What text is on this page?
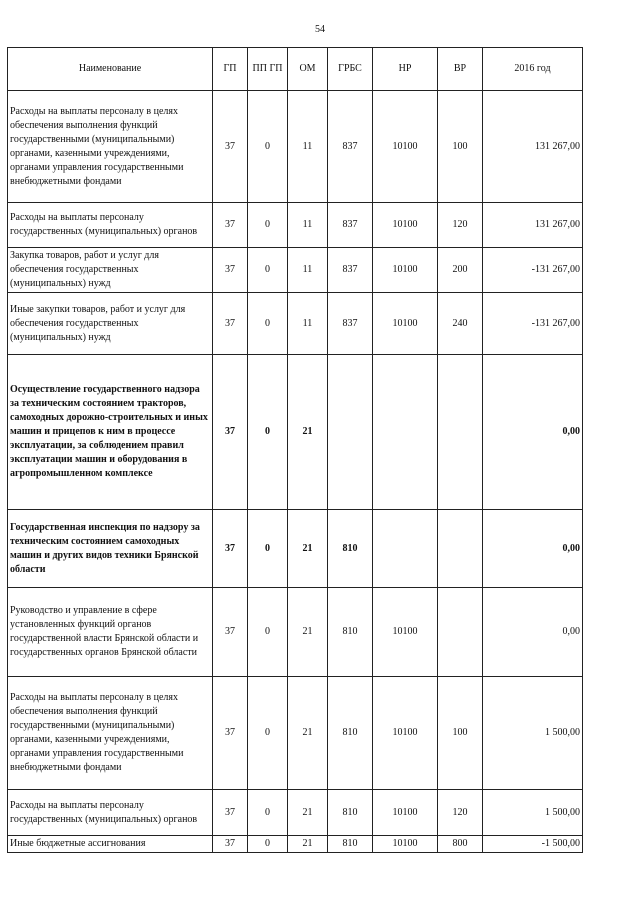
54
Наименование	ГП	ПП ГП	ОМ	ГРБС	НР	ВР	2016 год
Расходы на выплаты персоналу в целях обеспечения выполнения функций государственными (муниципальными) органами, казенными учреждениями, органами управления государственными внебюджетными фондами	37	0	11	837	10100	100	131 267,00
Расходы на выплаты персоналу государственных (муниципальных) органов	37	0	11	837	10100	120	131 267,00
Закупка товаров, работ и услуг для обеспечения государственных (муниципальных) нужд	37	0	11	837	10100	200	-131 267,00
Иные закупки товаров, работ и услуг для обеспечения государственных (муниципальных) нужд	37	0	11	837	10100	240	-131 267,00
Осуществление государственного надзора за техническим состоянием тракторов, самоходных дорожно-строительных и иных машин и прицепов к ним в процессе эксплуатации, за соблюдением правил эксплуатации машин и оборудования в агропромышленном комплексе	37	0	21				0,00
Государственная инспекция по надзору за техническим состоянием самоходных машин и других видов техники Брянской области	37	0	21	810			0,00
Руководство и управление в сфере установленных функций органов государственной власти Брянской области и государственных органов Брянской области	37	0	21	810	10100		0,00
Расходы на выплаты персоналу в целях обеспечения выполнения функций государственными (муниципальными) органами, казенными учреждениями, органами управления государственными внебюджетными фондами	37	0	21	810	10100	100	1 500,00
Расходы на выплаты персоналу государственных (муниципальных) органов	37	0	21	810	10100	120	1 500,00
Иные бюджетные ассигнования	37	0	21	810	10100	800	-1 500,00
